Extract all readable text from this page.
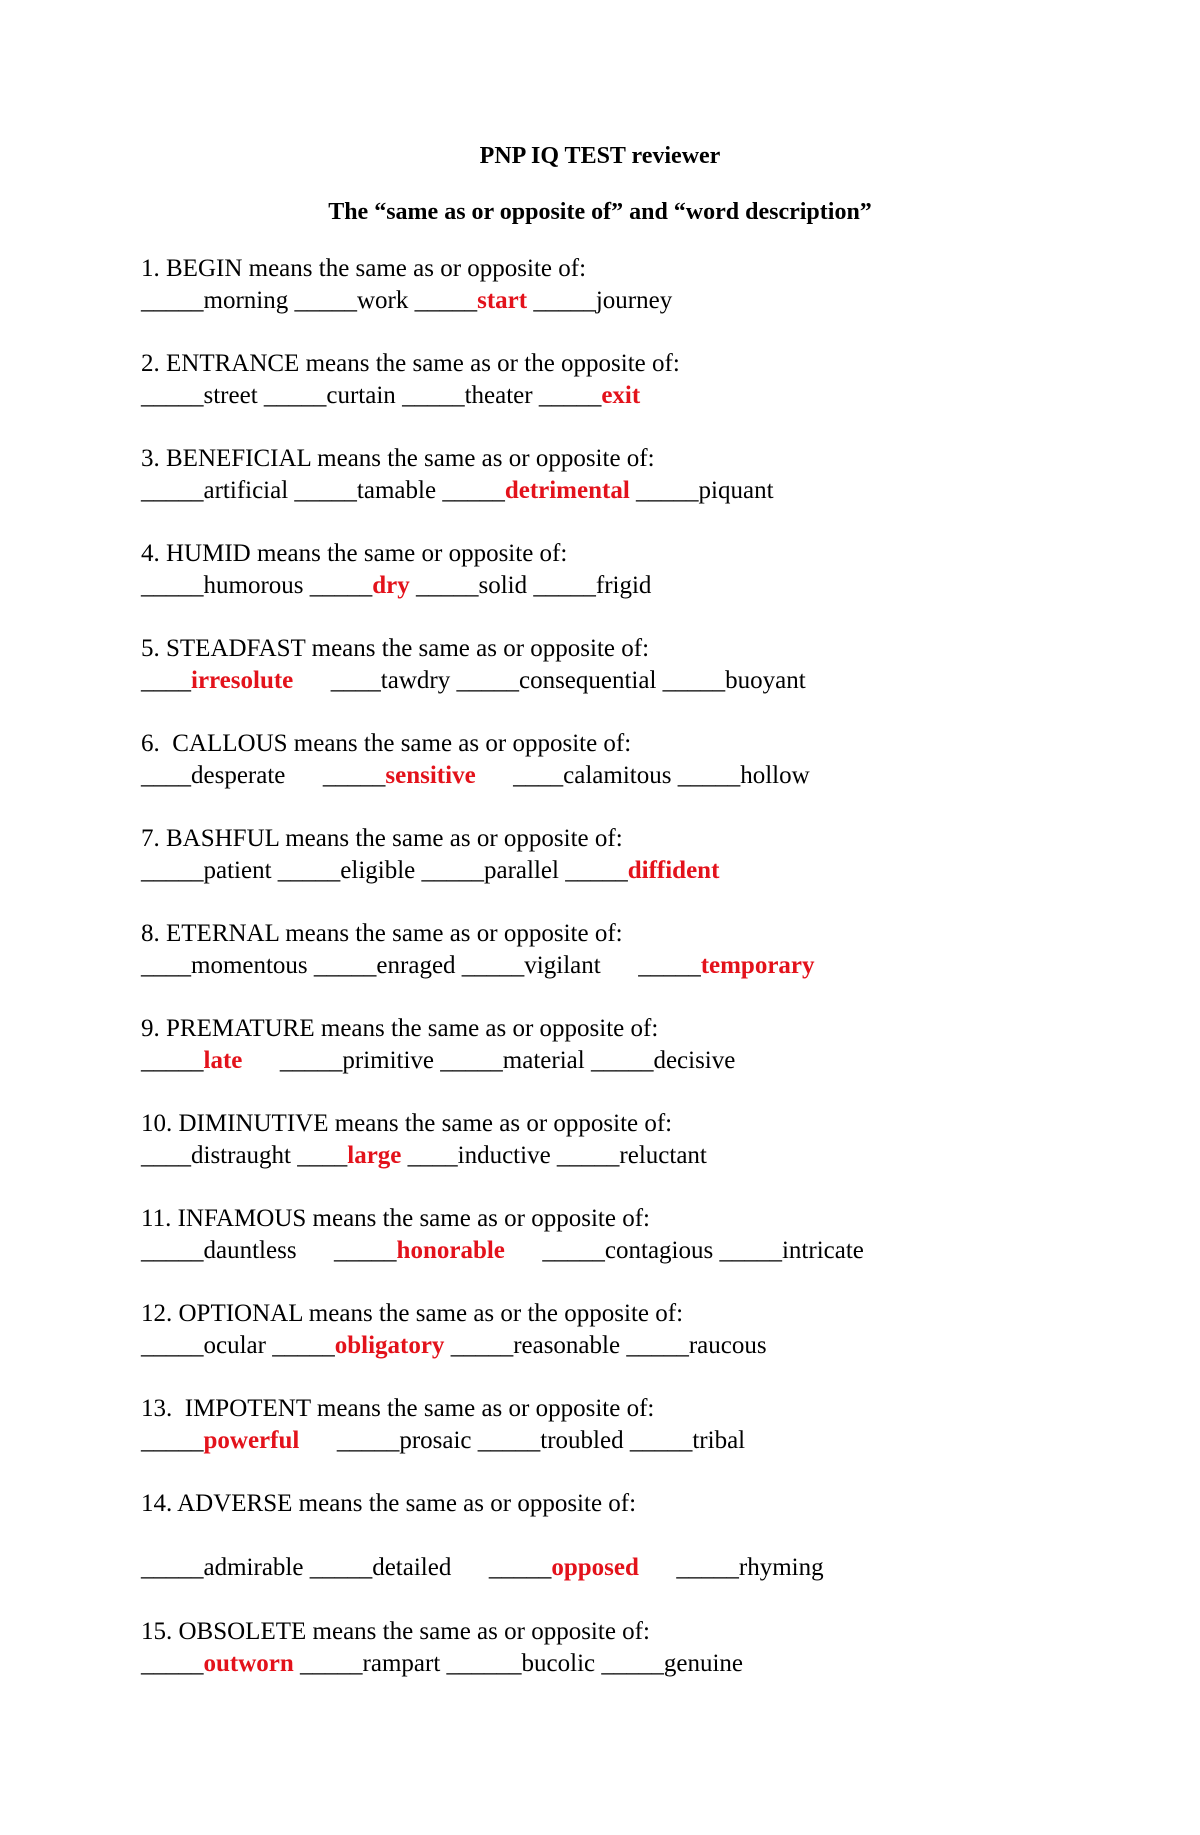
PNP IQ TEST reviewer
The “same as or opposite of” and “word description”
1. BEGIN means the same as or opposite of:
_____morning _____work _____start _____journey
2. ENTRANCE means the same as or the opposite of:
_____street _____curtain _____theater _____exit
3. BENEFICIAL means the same as or opposite of:
_____artificial _____tamable _____detrimental _____piquant
4. HUMID means the same or opposite of:
_____humorous _____dry _____solid _____frigid
5. STEADFAST means the same as or opposite of:
____irresolute ____tawdry _____consequential _____buoyant
6.  CALLOUS means the same as or opposite of:
____desperate _____sensitive ____calamitous _____hollow
7. BASHFUL means the same as or opposite of:
_____patient _____eligible _____parallel _____diffident
8. ETERNAL means the same as or opposite of:
____momentous _____enraged _____vigilant _____temporary
9. PREMATURE means the same as or opposite of:
_____late _____primitive _____material _____decisive
10. DIMINUTIVE means the same as or opposite of:
____distraught ____large ____inductive _____reluctant
11. INFAMOUS means the same as or opposite of:
_____dauntless _____honorable _____contagious _____intricate
12. OPTIONAL means the same as or the opposite of:
_____ocular _____obligatory _____reasonable _____raucous
13.  IMPOTENT means the same as or opposite of:
_____powerful _____prosaic _____troubled _____tribal
14. ADVERSE means the same as or opposite of:
_____admirable _____detailed _____opposed _____rhyming
15. OBSOLETE means the same as or opposite of:
_____outworn _____rampart ______bucolic _____genuine
